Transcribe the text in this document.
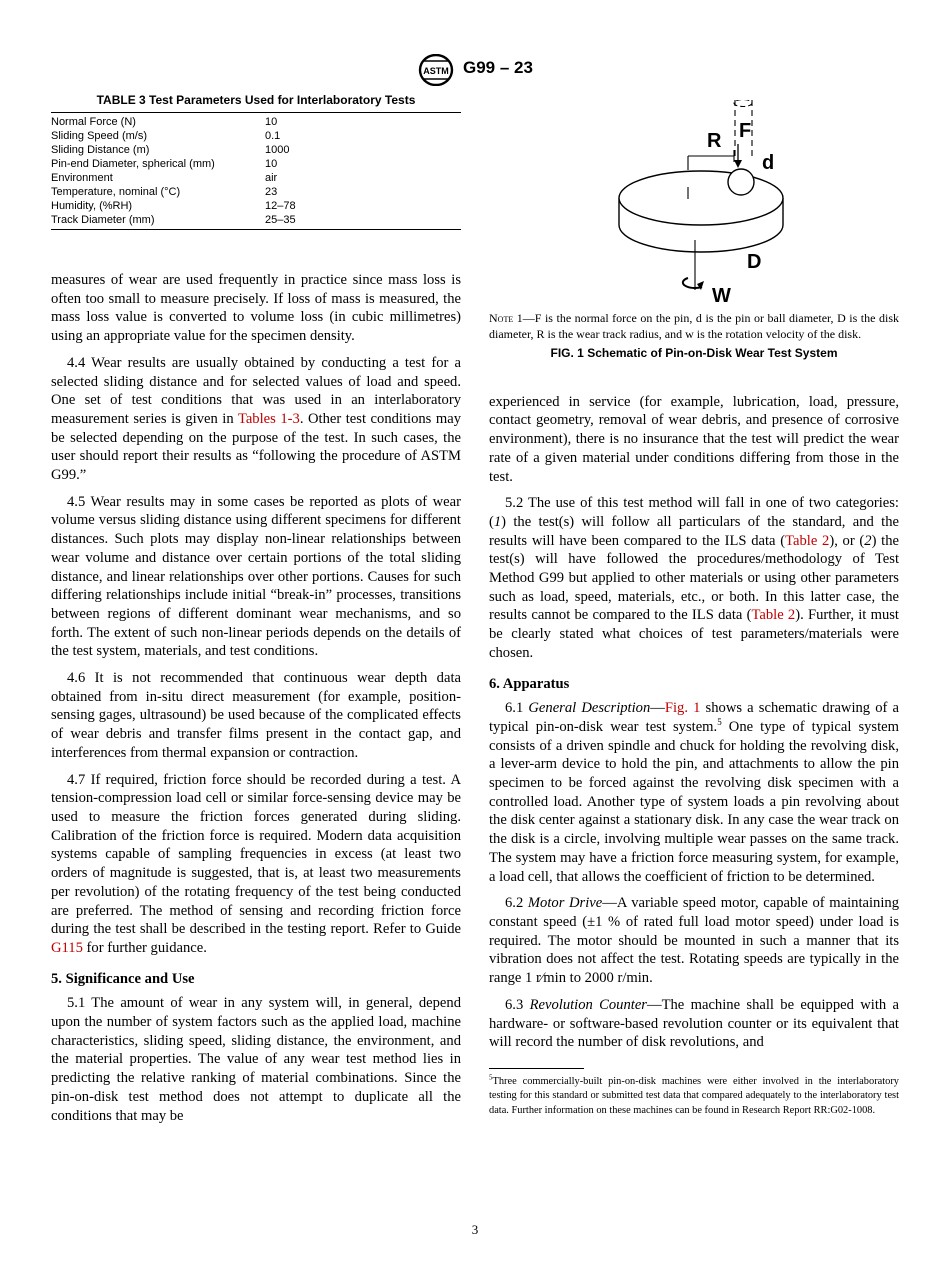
ASTM G99 – 23
TABLE 3 Test Parameters Used for Interlaboratory Tests
Normal Force (N)	10
Sliding Speed (m/s)	0.1
Sliding Distance (m)	1000
Pin-end Diameter, spherical (mm)	10
Environment	air
Temperature, nominal (°C)	23
Humidity, (%RH)	12–78
Track Diameter (mm)	25–35

measures of wear are used frequently in practice since mass loss is often too small to measure precisely. If loss of mass is measured, the mass loss value is converted to volume loss (in cubic millimetres) using an appropriate value for the specimen density.

4.4 Wear results are usually obtained by conducting a test for a selected sliding distance and for selected values of load and speed. One set of test conditions that was used in an interlaboratory measurement series is given in Tables 1-3. Other test conditions may be selected depending on the purpose of the test. In such cases, the user should report their results as “following the procedure of ASTM G99.”

4.5 Wear results may in some cases be reported as plots of wear volume versus sliding distance using different specimens for different distances. Such plots may display non-linear relationships between wear volume and distance over certain portions of the total sliding distance, and linear relationships over other portions. Causes for such differing relationships include initial “break-in” processes, transitions between regions of different dominant wear mechanisms, and so forth. The extent of such non-linear periods depends on the details of the test system, materials, and test conditions.

4.6 It is not recommended that continuous wear depth data obtained from in-situ direct measurement (for example, position-sensing gages, ultrasound) be used because of the complicated effects of wear debris and transfer films present in the contact gap, and interferences from thermal expansion or contraction.

4.7 If required, friction force should be recorded during a test. A tension-compression load cell or similar force-sensing device may be used to measure the friction forces generated during sliding. Calibration of the friction force is required. Modern data acquisition systems capable of sampling frequencies in excess (at least two orders of magnitude is suggested, that is, at least two measurements per revolution) of the rotating frequency of the test being conducted are preferred. The method of sensing and recording friction force during the test shall be described in the testing report. Refer to Guide G115 for further guidance.

5. Significance and Use

5.1 The amount of wear in any system will, in general, depend upon the number of system factors such as the applied load, machine characteristics, sliding speed, sliding distance, the environment, and the material properties. The value of any wear test method lies in predicting the relative ranking of material combinations. Since the pin-on-disk test method does not attempt to duplicate all the conditions that may be

R F
d
D
W
Note 1—F is the normal force on the pin, d is the pin or ball diameter, D is the disk diameter, R is the wear track radius, and w is the rotation velocity of the disk.
FIG. 1 Schematic of Pin-on-Disk Wear Test System

experienced in service (for example, lubrication, load, pressure, contact geometry, removal of wear debris, and presence of corrosive environment), there is no insurance that the test will predict the wear rate of a given material under conditions differing from those in the test.

5.2 The use of this test method will fall in one of two categories: (1) the test(s) will follow all particulars of the standard, and the results will have been compared to the ILS data (Table 2), or (2) the test(s) will have followed the procedures/methodology of Test Method G99 but applied to other materials or using other parameters such as load, speed, materials, etc., or both. In this latter case, the results cannot be compared to the ILS data (Table 2). Further, it must be clearly stated what choices of test parameters/materials were chosen.

6. Apparatus

6.1 General Description—Fig. 1 shows a schematic drawing of a typical pin-on-disk wear test system.$^5$ One type of typical system consists of a driven spindle and chuck for holding the revolving disk, a lever-arm device to hold the pin, and attachments to allow the pin specimen to be forced against the revolving disk specimen with a controlled load. Another type of system loads a pin revolving about the disk center against a stationary disk. In any case the wear track on the disk is a circle, involving multiple wear passes on the same track. The system may have a friction force measuring system, for example, a load cell, that allows the coefficient of friction to be determined.

6.2 Motor Drive—A variable speed motor, capable of maintaining constant speed (±1 % of rated full load motor speed) under load is required. The motor should be mounted in such a manner that its vibration does not affect the test. Rotating speeds are typically in the range 1 r⁄min to 2000 r/min.

6.3 Revolution Counter—The machine shall be equipped with a hardware- or software-based revolution counter or its equivalent that will record the number of disk revolutions, and

$^5$Three commercially-built pin-on-disk machines were either involved in the interlaboratory testing for this standard or submitted test data that compared adequately to the interlaboratory test data. Further information on these machines can be found in Research Report RR:G02-1008.
3
